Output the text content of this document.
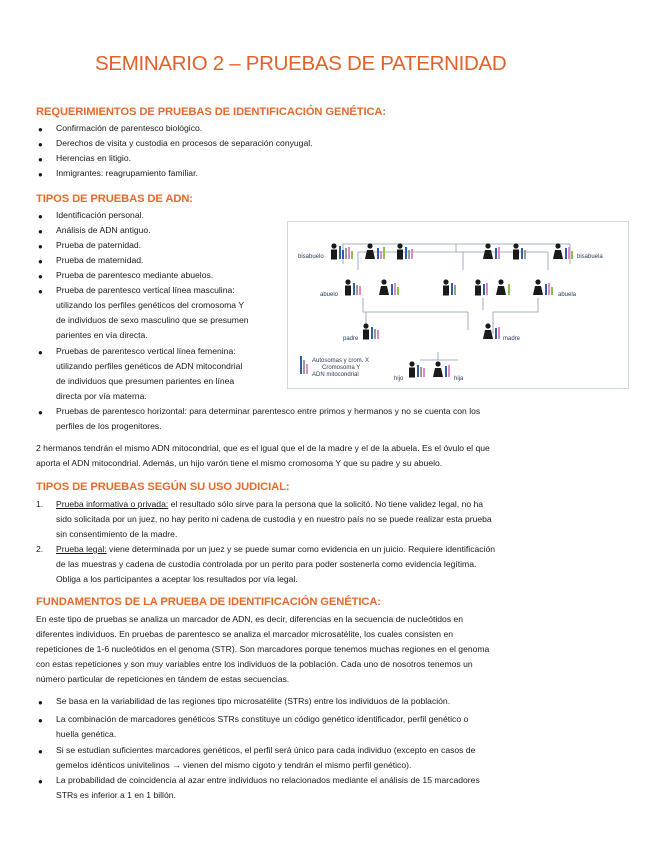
SEMINARIO 2 – PRUEBAS DE PATERNIDAD
REQUERIMIENTOS DE PRUEBAS DE IDENTIFICACIÓN GENÉTICA:
● Confirmación de parentesco biológico.
● Derechos de visita y custodia en procesos de separación conyugal.
● Herencias en litigio.
● Inmigrantes: reagrupamiento familiar.
TIPOS DE PRUEBAS DE ADN:
● Identificación personal.
● Análisis de ADN antiguo.
● Prueba de paternidad.
● Prueba de maternidad.
● Prueba de parentesco mediante abuelos.
● Prueba de parentesco vertical línea masculina:
utilizando los perfiles genéticos del cromosoma Y
de individuos de sexo masculino que se presumen
parientes en vía directa.
● Pruebas de parentesco vertical línea femenina:
utilizando perfiles genéticos de ADN mitocondrial
de individuos que presumen parientes en línea
directa por vía materna.
● Pruebas de parentesco horizontal: para determinar parentesco entre primos y hermanos y no se cuenta con los
perfiles de los progenitores.
2 hermanos tendrán el mismo ADN mitocondrial, que es el igual que el de la madre y el de la abuela. Es el óvulo el que
aporta el ADN mitocondrial. Además, un hijo varón tiene el mismo cromosoma Y que su padre y su abuelo.
bisabuelo	bisabuela
abuelo	abuela
padre	madre
Autosomas y crom. X
Cromosoma Y
ADN mitocondrial
hijo	hija
TIPOS DE PRUEBAS SEGÚN SU USO JUDICIAL:
1. Prueba informativa o privada: el resultado sólo sirve para la persona que la solicitó. No tiene validez legal, no ha
sido solicitada por un juez, no hay perito ni cadena de custodia y en nuestro país no se puede realizar esta prueba
sin consentimiento de la madre.
2. Prueba legal: viene determinada por un juez y se puede sumar como evidencia en un juicio. Requiere identificación
de las muestras y cadena de custodia controlada por un perito para poder sostenerla como evidencia legítima.
Obliga a los participantes a aceptar los resultados por vía legal.
FUNDAMENTOS DE LA PRUEBA DE IDENTIFICACIÓN GENÉTICA:
En este tipo de pruebas se analiza un marcador de ADN, es decir, diferencias en la secuencia de nucleótidos en
diferentes individuos. En pruebas de parentesco se analiza el marcador microsatélite, los cuales consisten en
repeticiones de 1-6 nucleótidos en el genoma (STR). Son marcadores porque tenemos muchas regiones en el genoma
con estas repeticiones y son muy variables entre los individuos de la población. Cada uno de nosotros tenemos un
número particular de repeticiones en tándem de estas secuencias.
● Se basa en la variabilidad de las regiones tipo microsatélite (STRs) entre los individuos de la población.
● La combinación de marcadores genéticos STRs constituye un código genético identificador, perfil genético o
huella genética.
● Si se estudian suficientes marcadores genéticos, el perfil será único para cada individuo (excepto en casos de
gemelos idénticos univitelinos → vienen del mismo cigoto y tendrán el mismo perfil genético).
● La probabilidad de coincidencia al azar entre individuos no relacionados mediante el análisis de 15 marcadores
STRs es inferior a 1 en 1 billón.
